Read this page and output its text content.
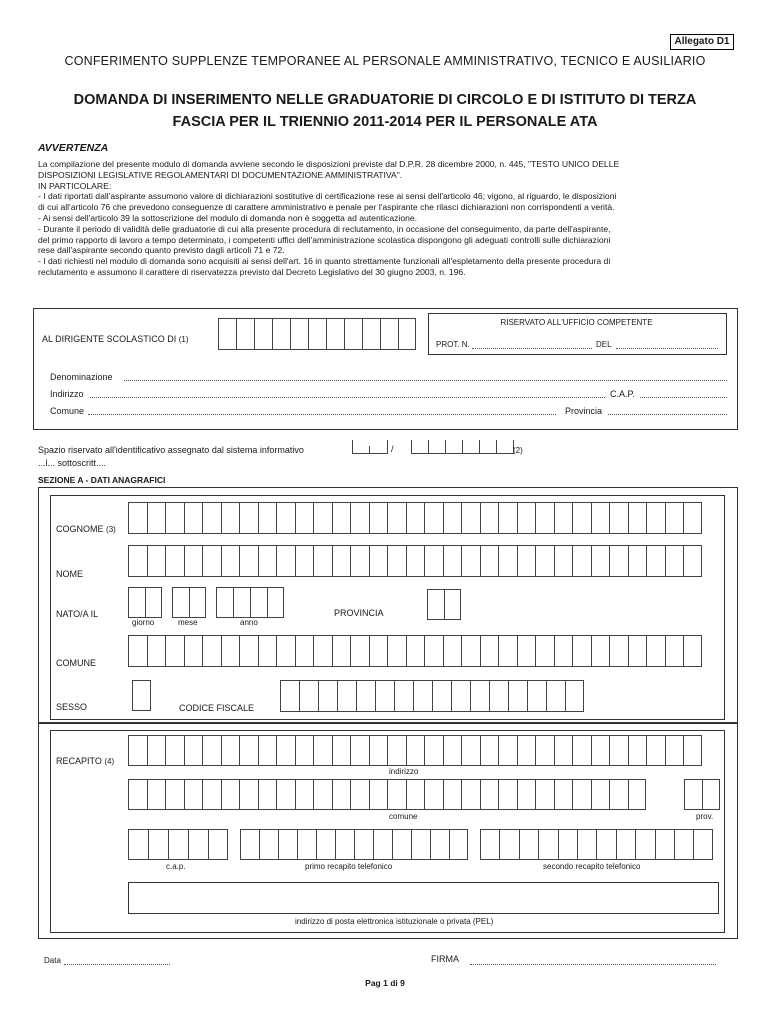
Allegato D1
CONFERIMENTO SUPPLENZE TEMPORANEE AL PERSONALE AMMINISTRATIVO, TECNICO E AUSILIARIO
DOMANDA DI INSERIMENTO NELLE GRADUATORIE DI CIRCOLO E DI ISTITUTO DI TERZA
FASCIA PER IL TRIENNIO 2011-2014 PER IL PERSONALE ATA
AVVERTENZA
La compilazione del presente modulo di domanda avviene secondo le disposizioni previste dal D.P.R. 28 dicembre 2000, n. 445, "TESTO UNICO DELLE
DISPOSIZIONI LEGISLATIVE REGOLAMENTARI DI DOCUMENTAZIONE AMMINISTRATIVA".
IN PARTICOLARE:
- I dati riportati dall'aspirante assumono valore di dichiarazioni sostitutive di certificazione rese ai sensi dell'articolo 46; vigono, al riguardo, le disposizioni
di cui all'articolo 76 che prevedono conseguenze di carattere amministrativo e penale per l'aspirante che rilasci dichiarazioni non corrispondenti a verità.
- Ai sensi dell'articolo 39 la sottoscrizione del modulo di domanda non è soggetta ad autenticazione.
- Durante il periodo di validità delle graduatorie di cui alla presente procedura di reclutamento, in occasione del conseguimento, da parte dell'aspirante,
del primo rapporto di lavoro a tempo determinato, i competenti uffici dell'amministrazione scolastica dispongono gli adeguati controlli sulle dichiarazioni
rese dall'aspirante secondo quanto previsto dagli articoli 71 e 72.
- I dati richiesti nel modulo di domanda sono acquisiti ai sensi dell'art. 16 in quanto strettamente funzionali all'espletamento della presente procedura di
reclutamento e assumono il carattere di riservatezza previsto dal Decreto Legislativo del 30 giugno 2003, n. 196.
AL DIRIGENTE SCOLASTICO DI (1)
RISERVATO ALL'UFFICIO COMPETENTE
PROT. N.	DEL
Denominazione
Indirizzo	C.A.P.
Comune	Provincia
Spazio riservato all'identificativo assegnato dal sistema informativo	/	(2)
...l... sottoscritt....
SEZIONE A - DATI ANAGRAFICI
COGNOME (3)
NOME
NATO/A IL
giorno	mese	anno
PROVINCIA
COMUNE
SESSO	CODICE FISCALE
RECAPITO (4)
indirizzo
comune	prov.
c.a.p.	primo recapito telefonico	secondo recapito telefonico
indirizzo di posta elettronica istituzionale o privata (PEL)
Data	FIRMA
Pag 1 di 9
